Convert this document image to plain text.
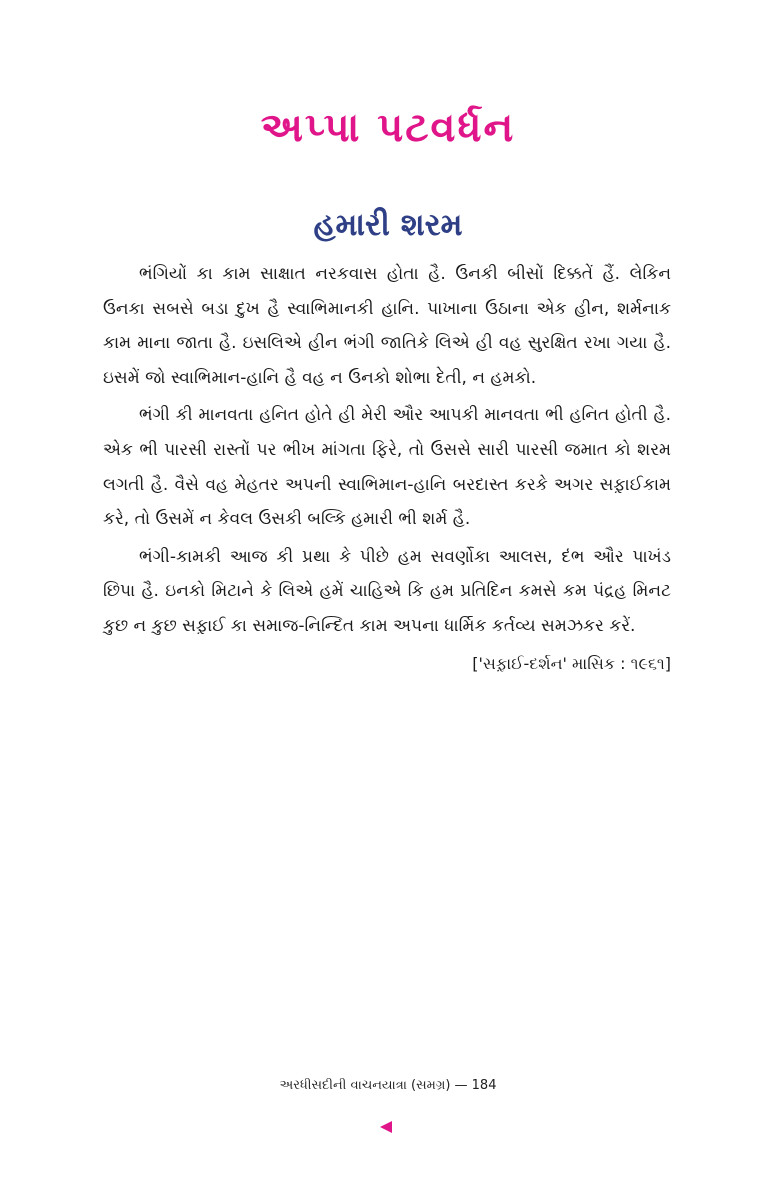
અપ્પા પટવર્ધન
હમારી શરમ

ભંગિયોં કા કામ સાક્ષાત નરકવાસ હોતા હૈ. ઉનકી બીસોં દિક્કતેં હૈં. લેકિન ઉનકા સબસે બડા દુખ હૈ સ્વાભિમાનકી હાનિ. પાખાના ઉઠાના એક હીન, શર્મનાક કામ માના જાતા હૈ. ઇસલિએ હીન ભંગી જાતિકે લિએ હી વહ સુરક્ષિત રખા ગયા હૈ. ઇસમેં જો સ્વાભિમાન-હાનિ હૈ વહ ન ઉનકો શોભા દેતી, ન હમકો.

ભંગી કી માનવતા હનિત હોતે હી મેરી ઔર આપકી માનવતા ભી હનિત હોતી હૈ. એક ભી પારસી રાસ્તોં પર ભીખ માંગતા ફિરે, તો ઉસસે સારી પારસી જમાત કો શરમ લગતી હૈ. વૈસે વહ મેહતર અપની સ્વાભિમાન-હાનિ બરદાસ્ત કરકે અગર સફ઼ાઈકામ કરે, તો ઉસમેં ન કેવલ ઉસકી બલ્કિ હમારી ભી શર્મ હૈ.

ભંગી-કામકી આજ કી પ્રથા કે પીછે હમ સવર્ણોકા આલસ, દંભ ઔર પાખંડ છિપા હૈ. ઇનકો મિટાને કે લિએ હમેં ચાહિએ કિ હમ પ્રતિદિન કમસે કમ પંદ્રહ મિનટ કુછ ન કુછ સફ઼ાઈ કા સમાજ-નિન્દિત કામ અપના ધાર્મિક કર્તવ્ય સમઝકર કરેં.

['સફ઼ાઈ-દર્શન' માસિક : ૧૯૬૧]

અરધીસદીની વાચનયાત્રા (સમગ્ર) — 184
